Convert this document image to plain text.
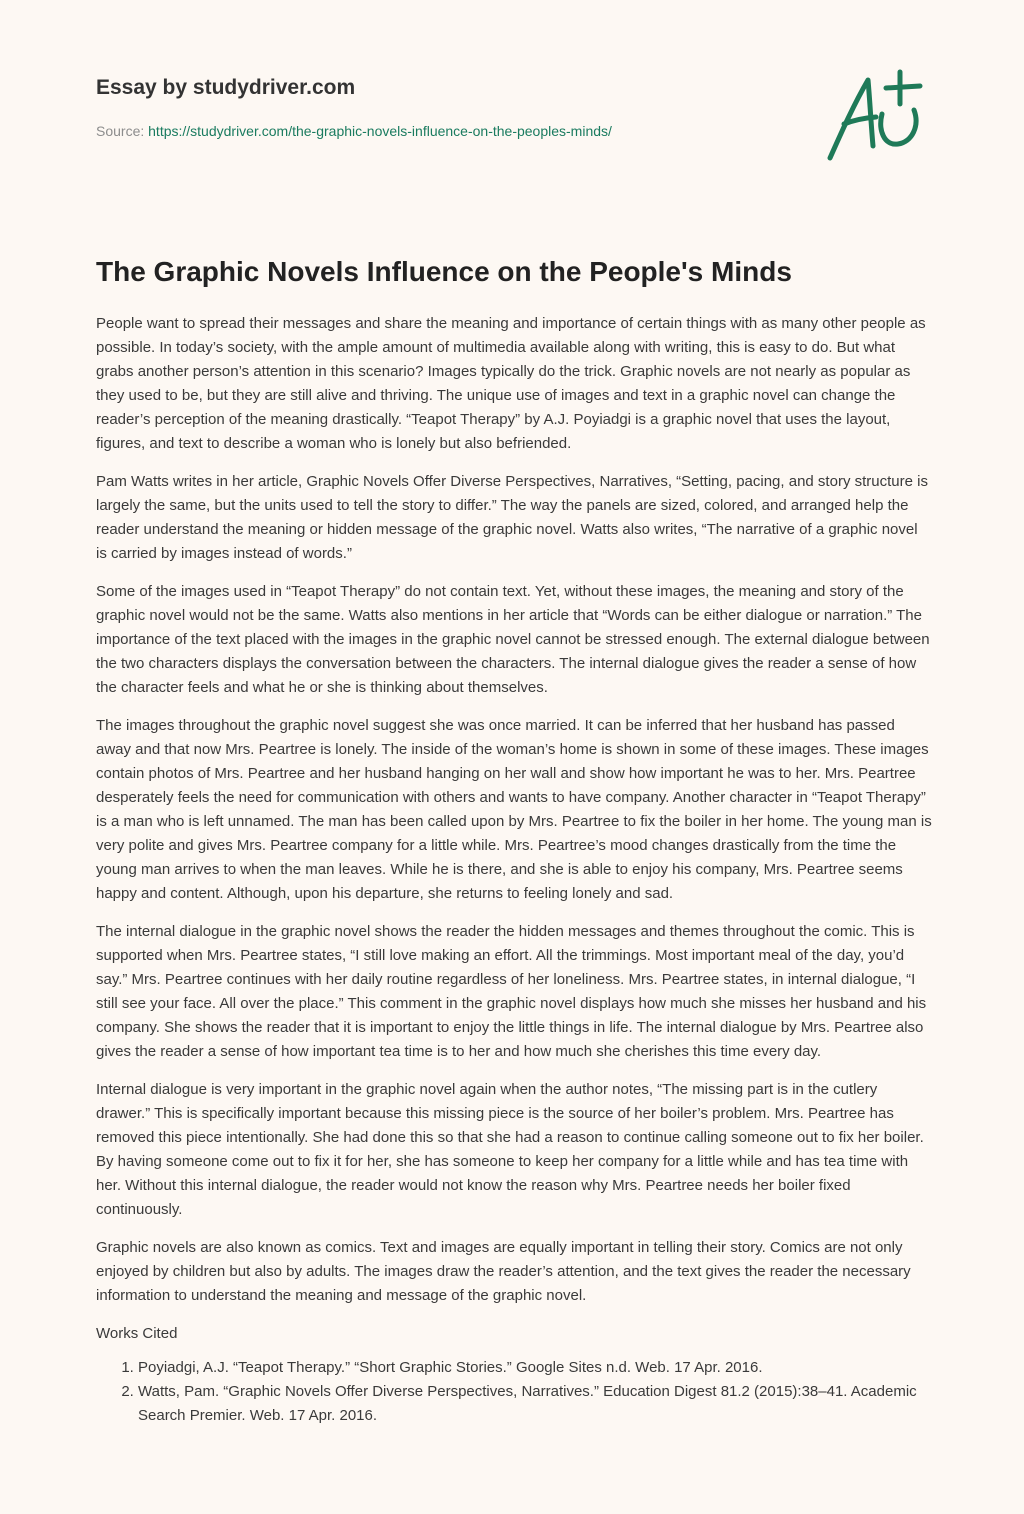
Essay by studydriver.com
Source: https://studydriver.com/the-graphic-novels-influence-on-the-peoples-minds/
The Graphic Novels Influence on the People's Minds

People want to spread their messages and share the meaning and importance of certain things with as many other people as possible. In today’s society, with the ample amount of multimedia available along with writing, this is easy to do. But what grabs another person’s attention in this scenario? Images typically do the trick. Graphic novels are not nearly as popular as they used to be, but they are still alive and thriving. The unique use of images and text in a graphic novel can change the reader’s perception of the meaning drastically. “Teapot Therapy” by A.J. Poyiadgi is a graphic novel that uses the layout, figures, and text to describe a woman who is lonely but also befriended.

Pam Watts writes in her article, Graphic Novels Offer Diverse Perspectives, Narratives, “Setting, pacing, and story structure is largely the same, but the units used to tell the story to differ.” The way the panels are sized, colored, and arranged help the reader understand the meaning or hidden message of the graphic novel. Watts also writes, “The narrative of a graphic novel is carried by images instead of words.”

Some of the images used in “Teapot Therapy” do not contain text. Yet, without these images, the meaning and story of the graphic novel would not be the same. Watts also mentions in her article that “Words can be either dialogue or narration.” The importance of the text placed with the images in the graphic novel cannot be stressed enough. The external dialogue between the two characters displays the conversation between the characters. The internal dialogue gives the reader a sense of how the character feels and what he or she is thinking about themselves.

The images throughout the graphic novel suggest she was once married. It can be inferred that her husband has passed away and that now Mrs. Peartree is lonely. The inside of the woman’s home is shown in some of these images. These images contain photos of Mrs. Peartree and her husband hanging on her wall and show how important he was to her. Mrs. Peartree desperately feels the need for communication with others and wants to have company. Another character in “Teapot Therapy” is a man who is left unnamed. The man has been called upon by Mrs. Peartree to fix the boiler in her home. The young man is very polite and gives Mrs. Peartree company for a little while. Mrs. Peartree’s mood changes drastically from the time the young man arrives to when the man leaves. While he is there, and she is able to enjoy his company, Mrs. Peartree seems happy and content. Although, upon his departure, she returns to feeling lonely and sad.

The internal dialogue in the graphic novel shows the reader the hidden messages and themes throughout the comic. This is supported when Mrs. Peartree states, “I still love making an effort. All the trimmings. Most important meal of the day, you’d say.” Mrs. Peartree continues with her daily routine regardless of her loneliness. Mrs. Peartree states, in internal dialogue, “I still see your face. All over the place.” This comment in the graphic novel displays how much she misses her husband and his company. She shows the reader that it is important to enjoy the little things in life. The internal dialogue by Mrs. Peartree also gives the reader a sense of how important tea time is to her and how much she cherishes this time every day.

Internal dialogue is very important in the graphic novel again when the author notes, “The missing part is in the cutlery drawer.” This is specifically important because this missing piece is the source of her boiler’s problem. Mrs. Peartree has removed this piece intentionally. She had done this so that she had a reason to continue calling someone out to fix her boiler. By having someone come out to fix it for her, she has someone to keep her company for a little while and has tea time with her. Without this internal dialogue, the reader would not know the reason why Mrs. Peartree needs her boiler fixed continuously.

Graphic novels are also known as comics. Text and images are equally important in telling their story. Comics are not only enjoyed by children but also by adults. The images draw the reader’s attention, and the text gives the reader the necessary information to understand the meaning and message of the graphic novel.

Works Cited
1. Poyiadgi, A.J. “Teapot Therapy.” “Short Graphic Stories.” Google Sites n.d. Web. 17 Apr. 2016.
2. Watts, Pam. “Graphic Novels Offer Diverse Perspectives, Narratives.” Education Digest 81.2 (2015):38–41. Academic Search Premier. Web. 17 Apr. 2016.
